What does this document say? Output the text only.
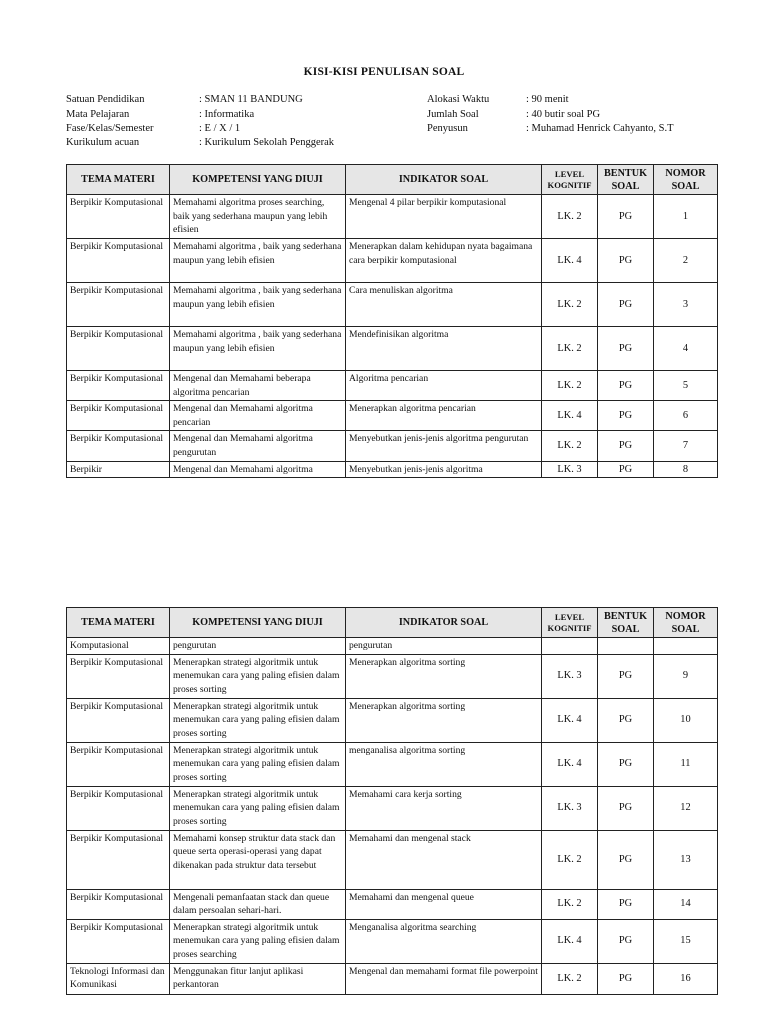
KISI-KISI PENULISAN SOAL
Satuan Pendidikan	: SMAN 11 BANDUNG
Mata Pelajaran	: Informatika
Fase/Kelas/Semester	: E / X / 1
Kurikulum acuan	: Kurikulum Sekolah Penggerak
Alokasi Waktu	: 90 menit
Jumlah Soal	: 40 butir soal PG
Penyusun	: Muhamad Henrick Cahyanto, S.T
TEMA MATERI	KOMPETENSI YANG DIUJI	INDIKATOR SOAL	LEVEL KOGNITIF	BENTUK SOAL	NOMOR SOAL
Berpikir Komputasional	Memahami algoritma proses searching, baik yang sederhana maupun yang lebih efisien	Mengenal 4 pilar berpikir komputasional	LK. 2	PG	1
Berpikir Komputasional	Memahami algoritma , baik yang sederhana maupun yang lebih efisien	Menerapkan dalam kehidupan nyata bagaimana cara berpikir komputasional	LK. 4	PG	2
Berpikir Komputasional	Memahami algoritma , baik yang sederhana maupun yang lebih efisien	Cara menuliskan algoritma	LK. 2	PG	3
Berpikir Komputasional	Memahami algoritma , baik yang sederhana maupun yang lebih efisien	Mendefinisikan algoritma	LK. 2	PG	4
Berpikir Komputasional	Mengenal dan Memahami beberapa algoritma pencarian	Algoritma pencarian	LK. 2	PG	5
Berpikir Komputasional	Mengenal dan Memahami algoritma pencarian	Menerapkan algoritma pencarian	LK. 4	PG	6
Berpikir Komputasional	Mengenal dan Memahami algoritma pengurutan	Menyebutkan jenis-jenis algoritma pengurutan	LK. 2	PG	7
Berpikir	Mengenal dan Memahami algoritma	Menyebutkan jenis-jenis algoritma	LK. 3	PG	8
TEMA MATERI	KOMPETENSI YANG DIUJI	INDIKATOR SOAL	LEVEL KOGNITIF	BENTUK SOAL	NOMOR SOAL
Komputasional	pengurutan	pengurutan			
Berpikir Komputasional	Menerapkan strategi algoritmik untuk menemukan cara yang paling efisien dalam proses sorting	Menerapkan algoritma sorting	LK. 3	PG	9
Berpikir Komputasional	Menerapkan strategi algoritmik untuk menemukan cara yang paling efisien dalam proses sorting	Menerapkan algoritma sorting	LK. 4	PG	10
Berpikir Komputasional	Menerapkan strategi algoritmik untuk menemukan cara yang paling efisien dalam proses sorting	menganalisa algoritma sorting	LK. 4	PG	11
Berpikir Komputasional	Menerapkan strategi algoritmik untuk menemukan cara yang paling efisien dalam proses sorting	Memahami cara kerja sorting	LK. 3	PG	12
Berpikir Komputasional	Memahami konsep struktur data stack dan queue serta operasi-operasi yang dapat dikenakan pada struktur data tersebut	Memahami dan mengenal stack	LK. 2	PG	13
Berpikir Komputasional	Mengenali pemanfaatan stack dan queue dalam persoalan sehari-hari.	Memahami dan mengenal queue	LK. 2	PG	14
Berpikir Komputasional	Menerapkan strategi algoritmik untuk menemukan cara yang paling efisien dalam proses searching	Menganalisa algoritma searching	LK. 4	PG	15
Teknologi Informasi dan Komunikasi	Menggunakan fitur lanjut aplikasi perkantoran	Mengenal dan memahami format file powerpoint	LK. 2	PG	16
